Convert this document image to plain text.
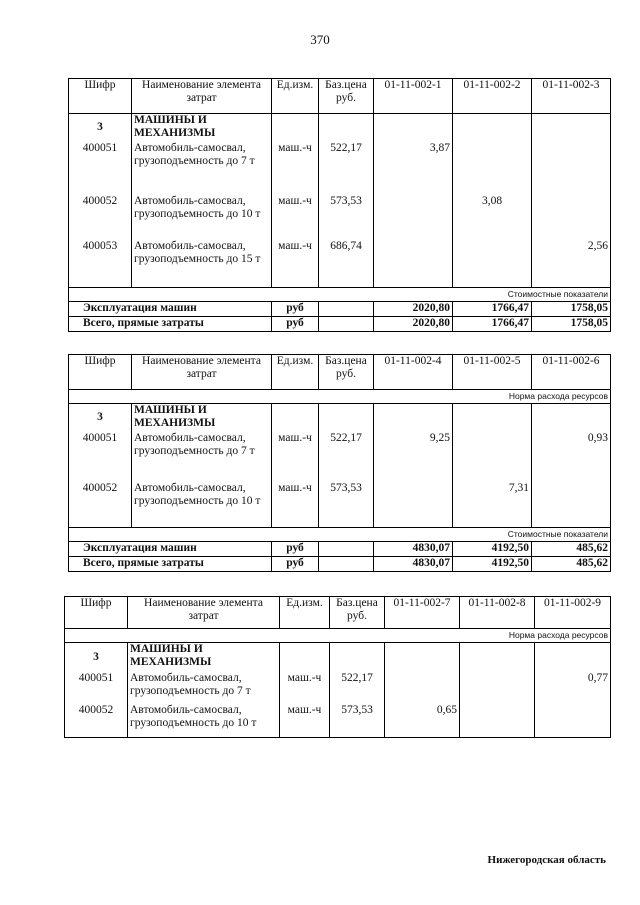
370
Шифр	Наименование элемента затрат	Ед.изм.	Баз.цена руб.	01-11-002-1	01-11-002-2	01-11-002-3
3	МАШИНЫ И МЕХАНИЗМЫ					
400051	Автомобиль-самосвал, грузоподъемность до 7 т	маш.-ч	522,17	3,87		
400052	Автомобиль-самосвал, грузоподъемность до 10 т	маш.-ч	573,53		3,08	
400053	Автомобиль-самосвал, грузоподъемность до 15 т	маш.-ч	686,74			2,56
Стоимостные показатели						
Эксплуатация машин		руб		2020,80	1766,47	1758,05
Всего, прямые затраты		руб		2020,80	1766,47	1758,05
Шифр	Наименование элемента затрат	Ед.изм.	Баз.цена руб.	01-11-002-4	01-11-002-5	01-11-002-6
Норма расхода ресурсов						
3	МАШИНЫ И МЕХАНИЗМЫ					
400051	Автомобиль-самосвал, грузоподъемность до 7 т	маш.-ч	522,17	9,25		0,93
400052	Автомобиль-самосвал, грузоподъемность до 10 т	маш.-ч	573,53		7,31	
Стоимостные показатели						
Эксплуатация машин		руб		4830,07	4192,50	485,62
Всего, прямые затраты		руб		4830,07	4192,50	485,62
Шифр	Наименование элемента затрат	Ед.изм.	Баз.цена руб.	01-11-002-7	01-11-002-8	01-11-002-9
Норма расхода ресурсов						
3	МАШИНЫ И МЕХАНИЗМЫ					
400051	Автомобиль-самосвал, грузоподъемность до 7 т	маш.-ч	522,17			0,77
400052	Автомобиль-самосвал, грузоподъемность до 10 т	маш.-ч	573,53	0,65		
Нижегородская область
